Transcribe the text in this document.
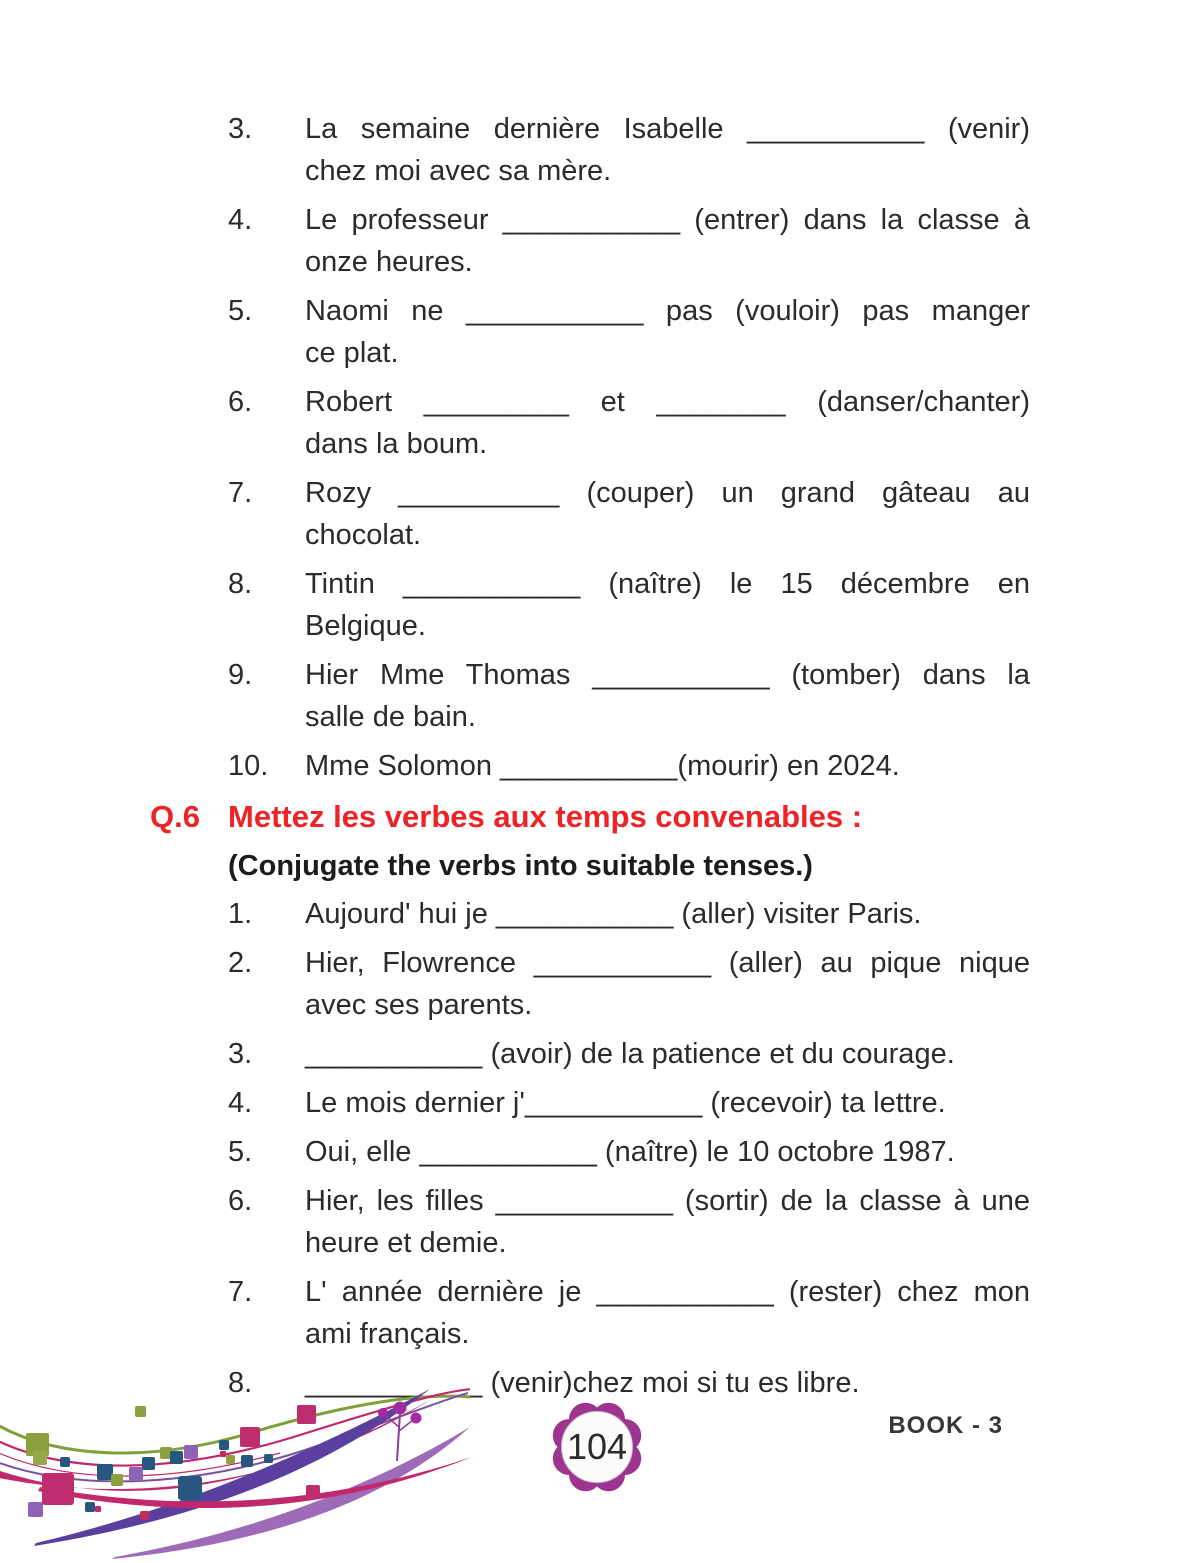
3.	La semaine dernière Isabelle ___________ (venir)
chez moi avec sa mère.
4.	Le professeur ___________ (entrer) dans la classe à
onze heures.
5.	Naomi ne ___________ pas (vouloir) pas manger
ce plat.
6.	Robert _________ et ________ (danser/chanter)
dans la boum.
7.	Rozy __________ (couper) un grand gâteau au
chocolat.
8.	Tintin ___________ (naître) le 15 décembre en
Belgique.
9.	Hier Mme Thomas ___________ (tomber) dans la
salle de bain.
10.	Mme Solomon ___________(mourir) en 2024.
Q.6 Mettez les verbes aux temps convenables :
(Conjugate the verbs into suitable tenses.)
1.	Aujourd' hui je ___________ (aller) visiter Paris.
2.	Hier, Flowrence ___________ (aller) au pique nique
avec ses parents.
3.	___________ (avoir) de la patience et du courage.
4.	Le mois dernier j'___________ (recevoir) ta lettre.
5.	Oui, elle ___________ (naître) le 10 octobre 1987.
6.	Hier, les filles ___________ (sortir) de la classe à une
heure et demie.
7.	L' année dernière je ___________ (rester) chez mon
ami français.
8.	___________ (venir)chez moi si tu es libre.
104
BOOK - 3
